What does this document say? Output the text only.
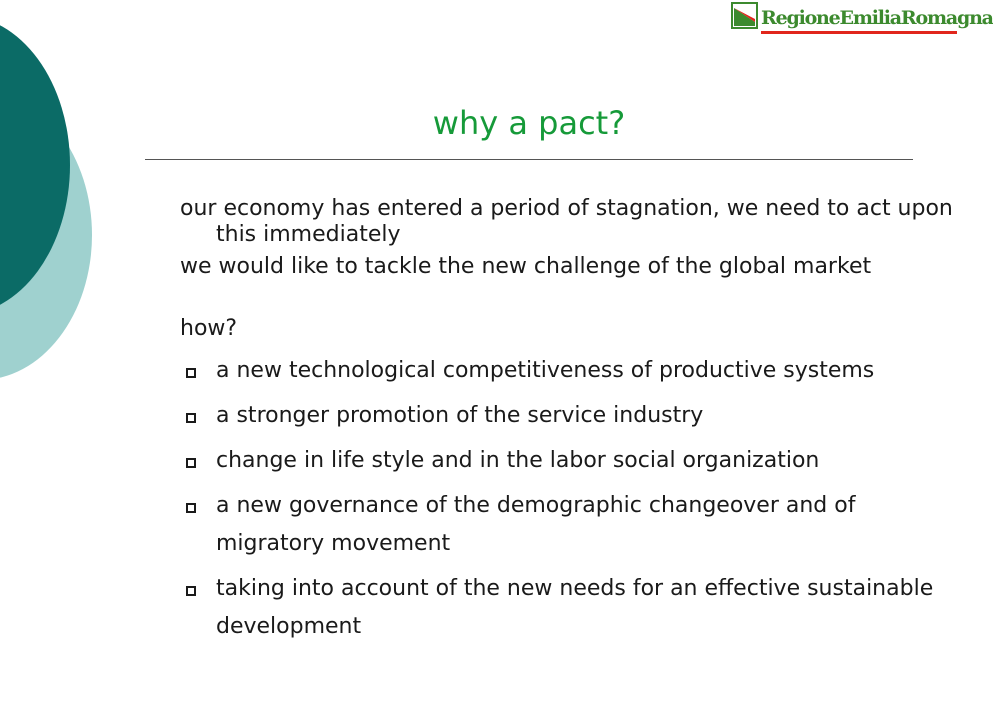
RegioneEmiliaRomagna
why a pact?

our economy has entered a period of stagnation, we need to act upon this immediately

we would like to tackle the new challenge of the global market

how?

a new technological competitiveness of productive systems
a stronger promotion of the service industry
change in life style and in the labor social organization
a new governance of the demographic changeover and of migratory movement
taking into account of the new needs for an effective sustainable development
